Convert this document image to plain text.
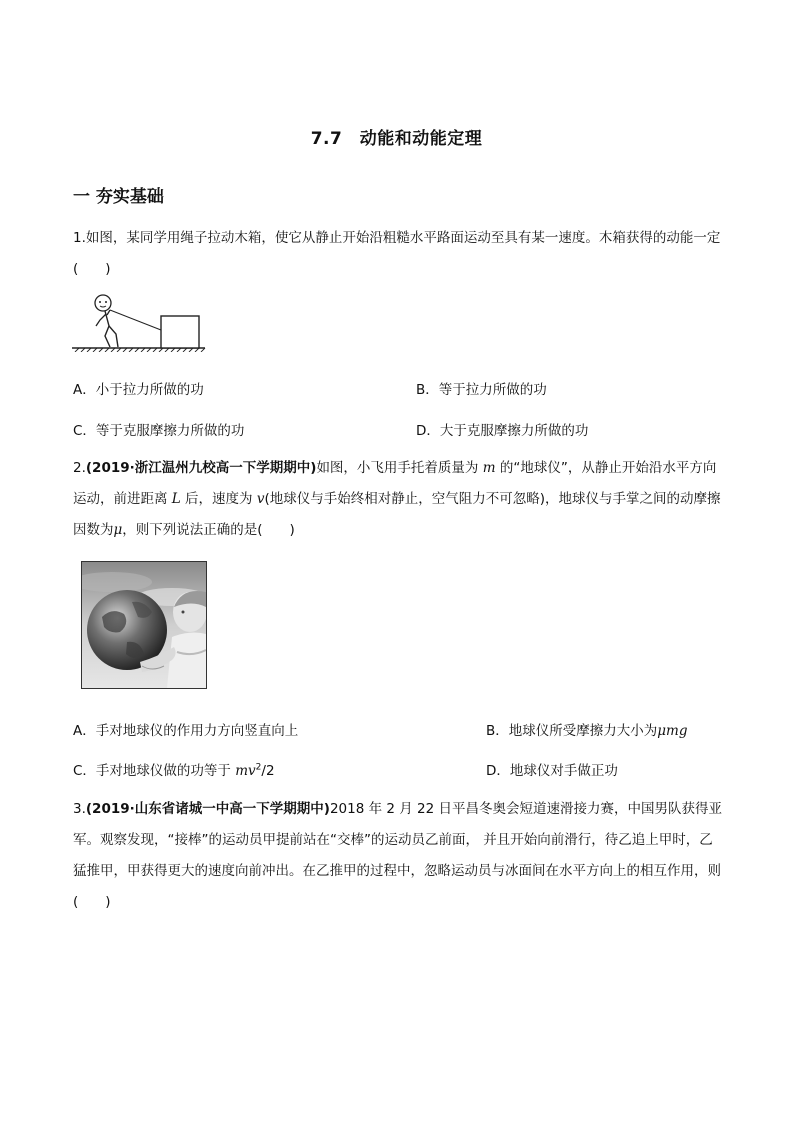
7.7　动能和动能定理
一 夯实基础
1.如图，某同学用绳子拉动木箱，使它从静止开始沿粗糙水平路面运动至具有某一速度。木箱获得的动能一定(　　)
A．小于拉力所做的功	B．等于拉力所做的功
C．等于克服摩擦力所做的功	D．大于克服摩擦力所做的功
2.(2019·浙江温州九校高一下学期期中)如图，小飞用手托着质量为 m 的“地球仪”，从静止开始沿水平方向运动，前进距离 L 后，速度为 v(地球仪与手始终相对静止，空气阻力不可忽略)，地球仪与手掌之间的动摩擦因数为μ，则下列说法正确的是(　　)
A．手对地球仪的作用力方向竖直向上	B．地球仪所受摩擦力大小为μmg
C．手对地球仪做的功等于 $mv^2/2$	D．地球仪对手做正功
3.(2019·山东省诸城一中高一下学期期中)2018 年 2 月 22 日平昌冬奥会短道速滑接力赛，中国男队获得亚军。观察发现，“接棒”的运动员甲提前站在“交棒”的运动员乙前面， 并且开始向前滑行，待乙追上甲时，乙猛推甲，甲获得更大的速度向前冲出。在乙推甲的过程中，忽略运动员与冰面间在水平方向上的相互作用，则(　　)
